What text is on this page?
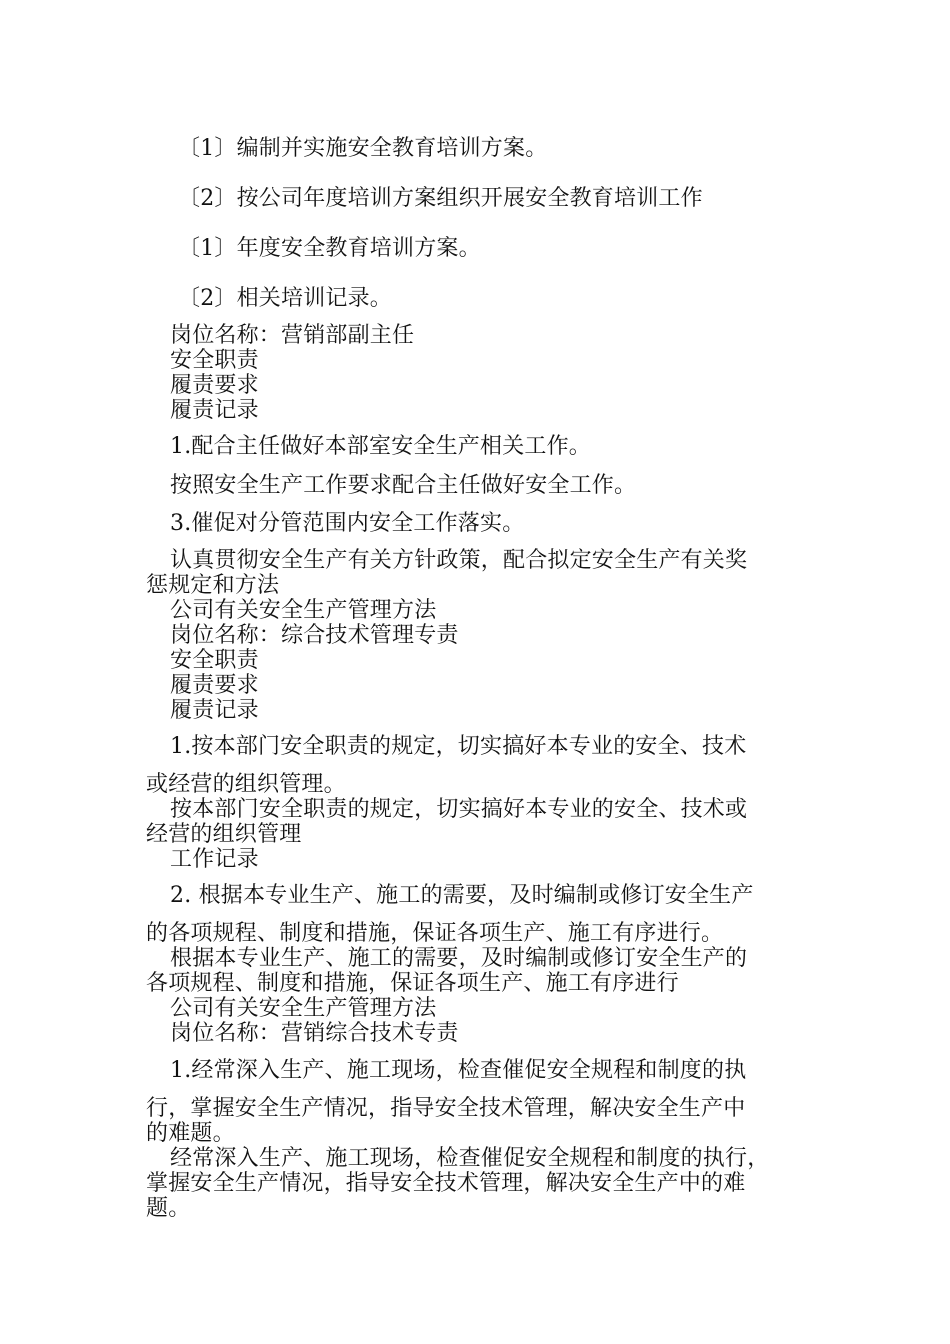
〔1〕编制并实施安全教育培训方案。
〔2〕按公司年度培训方案组织开展安全教育培训工作
〔1〕年度安全教育培训方案。
〔2〕相关培训记录。
岗位名称：营销部副主任
安全职责
履责要求
履责记录
1.配合主任做好本部室安全生产相关工作。
按照安全生产工作要求配合主任做好安全工作。
3.催促对分管范围内安全工作落实。
认真贯彻安全生产有关方针政策，配合拟定安全生产有关奖
惩规定和方法
公司有关安全生产管理方法
岗位名称：综合技术管理专责
安全职责
履责要求
履责记录
1.按本部门安全职责的规定，切实搞好本专业的安全、技术
或经营的组织管理。
按本部门安全职责的规定，切实搞好本专业的安全、技术或
经营的组织管理
工作记录
2. 根据本专业生产、施工的需要，及时编制或修订安全生产
的各项规程、制度和措施，保证各项生产、施工有序进行。
根据本专业生产、施工的需要，及时编制或修订安全生产的
各项规程、制度和措施，保证各项生产、施工有序进行
公司有关安全生产管理方法
岗位名称：营销综合技术专责
1.经常深入生产、施工现场，检查催促安全规程和制度的执
行，掌握安全生产情况，指导安全技术管理，解决安全生产中
的难题。
经常深入生产、施工现场，检查催促安全规程和制度的执行，
掌握安全生产情况，指导安全技术管理，解决安全生产中的难
题。
